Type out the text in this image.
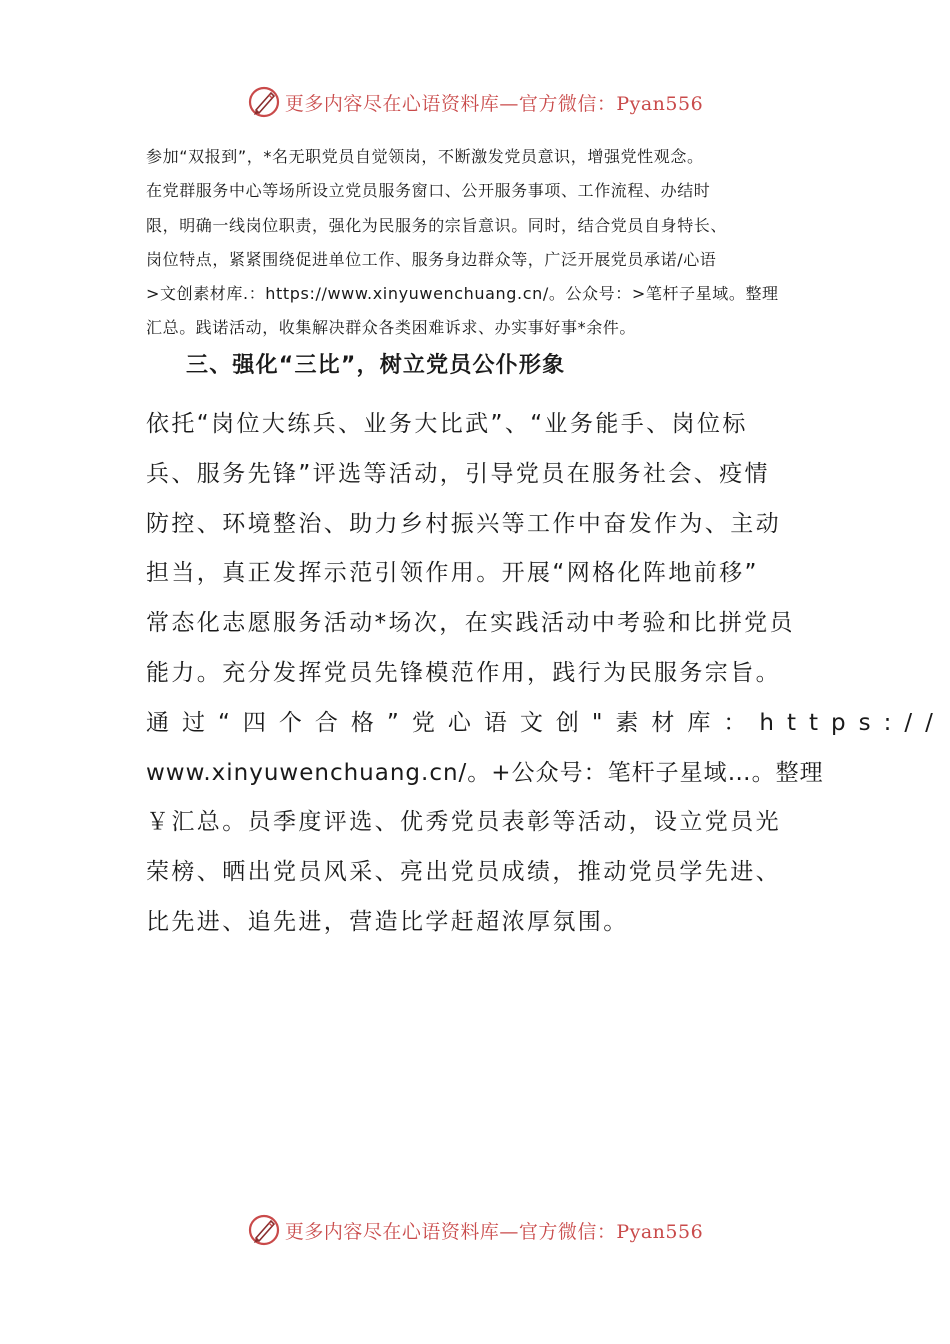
更多内容尽在心语资料库—官方微信：Pyan556

参加“双报到”，*名无职党员自觉领岗，不断激发党员意识，增强党性观念。
在党群服务中心等场所设立党员服务窗口、公开服务事项、工作流程、办结时
限，明确一线岗位职责，强化为民服务的宗旨意识。同时，结合党员自身特长、
岗位特点，紧紧围绕促进单位工作、服务身边群众等，广泛开展党员承诺/心语
>文创素材库.：https://www.xinyuwenchuang.cn/。公众号：>笔杆子星域。整理
汇总。践诺活动，收集解决群众各类困难诉求、办实事好事*余件。

三、强化“三比”，树立党员公仆形象

依托“岗位大练兵、业务大比武”、“业务能手、岗位标
兵、服务先锋”评选等活动，引导党员在服务社会、疫情
防控、环境整治、助力乡村振兴等工作中奋发作为、主动
担当，真正发挥示范引领作用。开展“网格化阵地前移”
常态化志愿服务活动*场次，在实践活动中考验和比拼党员
能力。充分发挥党员先锋模范作用，践行为民服务宗旨。
通过“四个合格”党心语文创"素材库：https://
www.xinyuwenchuang.cn/。+公众号：笔杆子星域…。整理
￥汇总。员季度评选、优秀党员表彰等活动，设立党员光
荣榜、晒出党员风采、亮出党员成绩，推动党员学先进、
比先进、追先进，营造比学赶超浓厚氛围。

更多内容尽在心语资料库—官方微信：Pyan556
